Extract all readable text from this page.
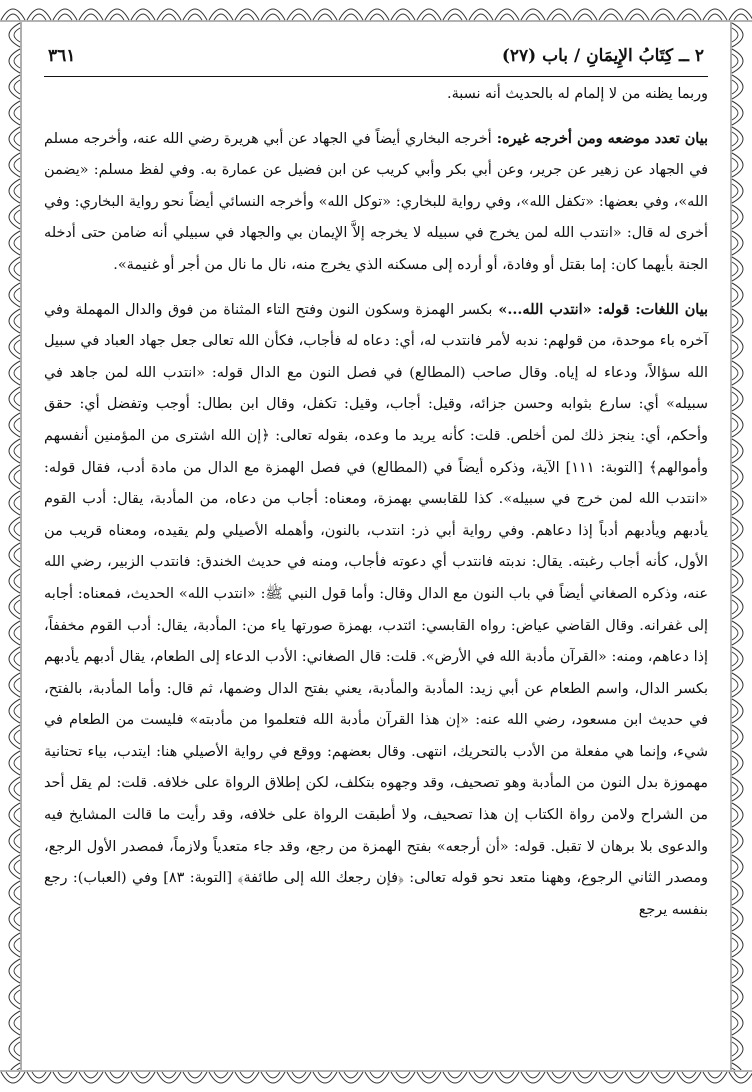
٢ ــ كِتَابُ الإِيمَانِ / باب (٢٧)
٣٦١

وربما يظنه من لا إلمام له بالحديث أنه نسبة.

بيان تعدد موضعه ومن أخرجه غيره: أخرجه البخاري أيضاً في الجهاد عن أبي هريرة رضي الله عنه، وأخرجه مسلم في الجهاد عن زهير عن جرير، وعن أبي بكر وأبي كريب عن ابن فضيل عن عمارة به. وفي لفظ مسلم: «يضمن الله»، وفي بعضها: «تكفل الله»، وفي رواية للبخاري: «توكل الله» وأخرجه النسائي أيضاً نحو رواية البخاري: وفي أخرى له قال: «انتدب الله لمن يخرج في سبيله لا يخرجه إلاَّ الإيمان بي والجهاد في سبيلي أنه ضامن حتى أدخله الجنة بأيهما كان: إما بقتل أو وفادة، أو أرده إلى مسكنه الذي يخرج منه، نال ما نال من أجر أو غنيمة».

بيان اللغات: قوله: «انتدب الله...» بكسر الهمزة وسكون النون وفتح التاء المثناة من فوق والدال المهملة وفي آخره باء موحدة، من قولهم: ندبه لأمر فانتدب له، أي: دعاه له فأجاب، فكأن الله تعالى جعل جهاد العباد في سبيل الله سؤالاً، ودعاء له إياه. وقال صاحب (المطالع) في فصل النون مع الدال قوله: «انتدب الله لمن جاهد في سبيله» أي: سارع بثوابه وحسن جزائه، وقيل: أجاب، وقيل: تكفل، وقال ابن بطال: أوجب وتفضل أي: حقق وأحكم، أي: ينجز ذلك لمن أخلص. قلت: كأنه يريد ما وعده، بقوله تعالى: ﴿إن الله اشترى من المؤمنين أنفسهم وأموالهم﴾ [التوبة: ١١١] الآية، وذكره أيضاً في (المطالع) في فصل الهمزة مع الدال من مادة أدب، فقال قوله: «انتدب الله لمن خرج في سبيله». كذا للقابسي بهمزة، ومعناه: أجاب من دعاه، من المأدبة، يقال: أدب القوم يأدبهم ويأدبهم أدباً إذا دعاهم. وفي رواية أبي ذر: انتدب، بالنون، وأهمله الأصيلي ولم يقيده، ومعناه قريب من الأول، كأنه أجاب رغبته. يقال: ندبته فانتدب أي دعوته فأجاب، ومنه في حديث الخندق: فانتدب الزبير، رضي الله عنه، وذكره الصغاني أيضاً في باب النون مع الدال وقال: وأما قول النبي ﷺ: «انتدب الله» الحديث، فمعناه: أجابه إلى غفرانه. وقال القاضي عياض: رواه القابسي: ائتدب، بهمزة صورتها ياء من: المأدبة، يقال: أدب القوم مخففاً، إذا دعاهم، ومنه: «القرآن مأدبة الله في الأرض». قلت: قال الصغاني: الأدب الدعاء إلى الطعام، يقال أدبهم يأدبهم بكسر الدال، واسم الطعام عن أبي زيد: المأدبة والمأدبة، يعني بفتح الدال وضمها، ثم قال: وأما المأدبة، بالفتح، في حديث ابن مسعود، رضي الله عنه: «إن هذا القرآن مأدبة الله فتعلموا من مأدبته» فليست من الطعام في شيء، وإنما هي مفعلة من الأدب بالتحريك، انتهى. وقال بعضهم: ووقع في رواية الأصيلي هنا: ايتدب، بياء تحتانية مهموزة بدل النون من المأدبة وهو تصحيف، وقد وجهوه بتكلف، لكن إطلاق الرواة على خلافه. قلت: لم يقل أحد من الشراح ولامن رواة الكتاب إن هذا تصحيف، ولا أطبقت الرواة على خلافه، وقد رأيت ما قالت المشايخ فيه والدعوى بلا برهان لا تقبل. قوله: «أن أرجعه» بفتح الهمزة من رجع، وقد جاء متعدياً ولازماً، فمصدر الأول الرجع، ومصدر الثاني الرجوع، وههنا متعد نحو قوله تعالى: ﴿فإن رجعك الله إلى طائفة﴾ [التوبة: ٨٣] وفي (العباب): رجع بنفسه يرجع
